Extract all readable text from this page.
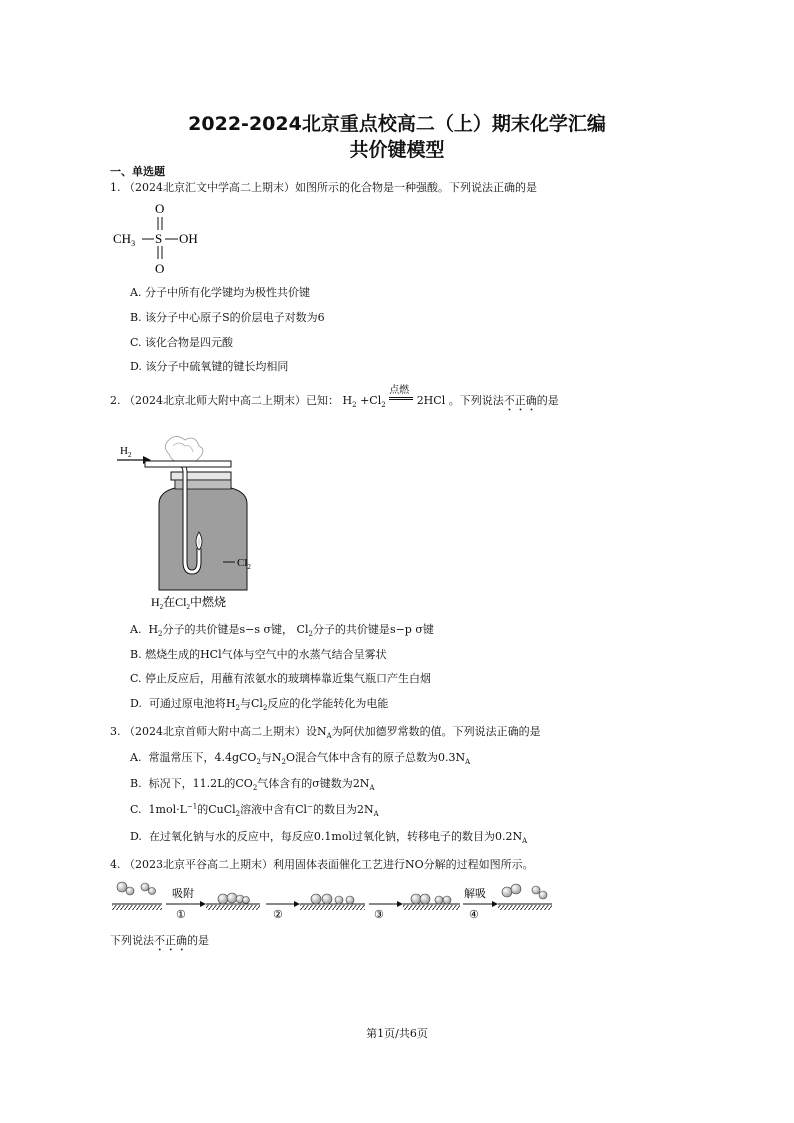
2022-2024北京重点校高二（上）期末化学汇编
共价键模型
一、单选题
1. （2024北京汇文中学高二上期末）如图所示的化合物是一种强酸。下列说法正确的是
O
$CH_3$ S OH
O
A. 分子中所有化学键均为极性共价键
B. 该分子中心原子S的价层电子对数为6
C. 该化合物是四元酸
D. 该分子中硫氧键的键长均相同
2. （2024北京北师大附中高二上期末）已知： $H_2 +Cl_2$
点燃
2HCl 。下列说法不正确的是
$H_2$
$Cl_2$
$H_2$在$Cl_2$中燃烧
A. $H_2$分子的共价键是s−s σ键， $Cl_2$分子的共价键是s−p σ键
B. 燃烧生成的HCl气体与空气中的水蒸气结合呈雾状
C. 停止反应后，用蘸有浓氨水的玻璃棒靠近集气瓶口产生白烟
D. 可通过原电池将$H_2$与$Cl_2$反应的化学能转化为电能
3. （2024北京首师大附中高二上期末）设$N_A$为阿伏加德罗常数的值。下列说法正确的是
A. 常温常压下，4.4gCO$_2$与$N_2O$混合气体中含有的原子总数为$0.3N_A$
B. 标况下，11.2L的$CO_2$气体含有的σ键数为$2N_A$
C. $1mol\cdot L^{-1}$的CuCl$_2$溶液中含有Cl−的数目为$2N_A$
D. 在过氧化钠与水的反应中，每反应0.1mol过氧化钠，转移电子的数目为$0.2N_A$
4. （2023北京平谷高二上期末）利用固体表面催化工艺进行NO分解的过程如图所示。
吸附
①	②	③
解吸
④
下列说法不正确的是
第1页/共6页
